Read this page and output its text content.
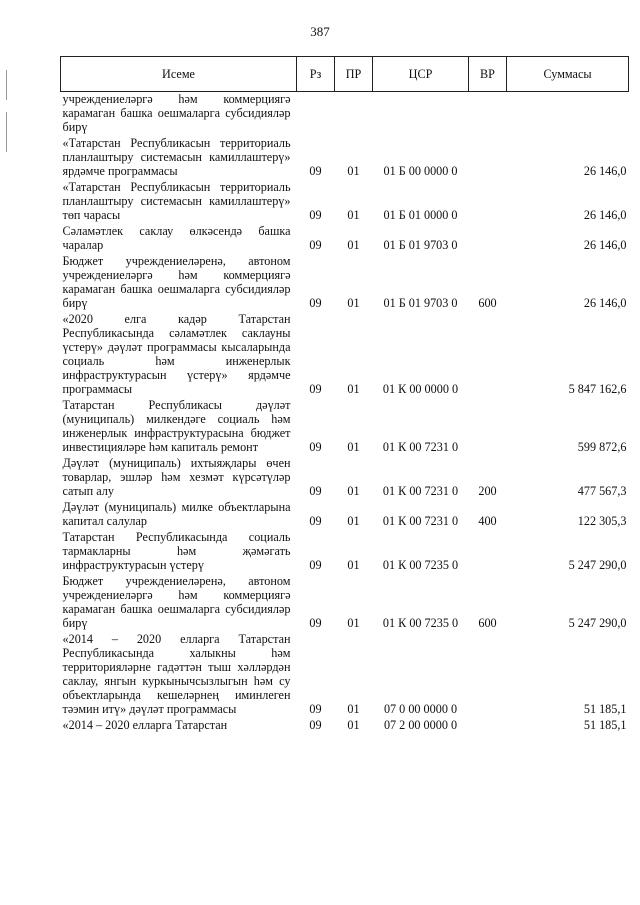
387
Исеме	Рз	ПР	ЦСР	ВР	Суммасы
учреждениеләргә һәм коммерциягә карамаган башка оешмаларга субсидияләр бирү					
«Татарстан Республикасын территориаль планлаштыру системасын камиллаштерү» ярдәмче программасы	09	01	01 Б 00 0000 0		26 146,0
«Татарстан Республикасын территориаль планлаштыру системасын камиллаштерү» төп чарасы	09	01	01 Б 01 0000 0		26 146,0
Сәламәтлек саклау өлкәсендә башка чаралар	09	01	01 Б 01 9703 0		26 146,0
Бюджет учреждениеләренә, автоном учреждениеләргә һәм коммерциягә карамаган башка оешмаларга субсидияләр бирү	09	01	01 Б 01 9703 0	600	26 146,0
«2020 елга кадәр Татарстан Республикасында сәламәтлек саклауны үстерү» дәүләт программасы кысаларында социаль һәм инженерлык инфраструктурасын үстерү» ярдәмче программасы	09	01	01 К 00 0000 0		5 847 162,6
Татарстан Республикасы дәүләт (муниципаль) милкендәге социаль һәм инженерлык инфраструктурасына бюджет инвестицияләре һәм капиталь ремонт	09	01	01 К 00 7231 0		599 872,6
Дәүләт (муниципаль) ихтыяҗлары өчен товарлар, эшләр һәм хезмәт күрсәтүләр сатып алу	09	01	01 К 00 7231 0	200	477 567,3
Дәүләт (муниципаль) милке объектларына капитал салулар	09	01	01 К 00 7231 0	400	122 305,3
Татарстан Республикасында социаль тармакларны һәм җәмәгать инфраструктурасын үстерү	09	01	01 К 00 7235 0		5 247 290,0
Бюджет учреждениеләренә, автоном учреждениеләргә һәм коммерциягә карамаган башка оешмаларга субсидияләр бирү	09	01	01 К 00 7235 0	600	5 247 290,0
«2014 – 2020 елларга Татарстан Республикасында халыкны һәм территорияләрне гадәттән тыш хәлләрдән саклау, янгын куркынычсызлыгын һәм су объектларында кешеләрнең иминлеген тәэмин итү» дәүләт программасы	09	01	07 0 00 0000 0		51 185,1
«2014 – 2020 елларга Татарстан	09	01	07 2 00 0000 0		51 185,1
